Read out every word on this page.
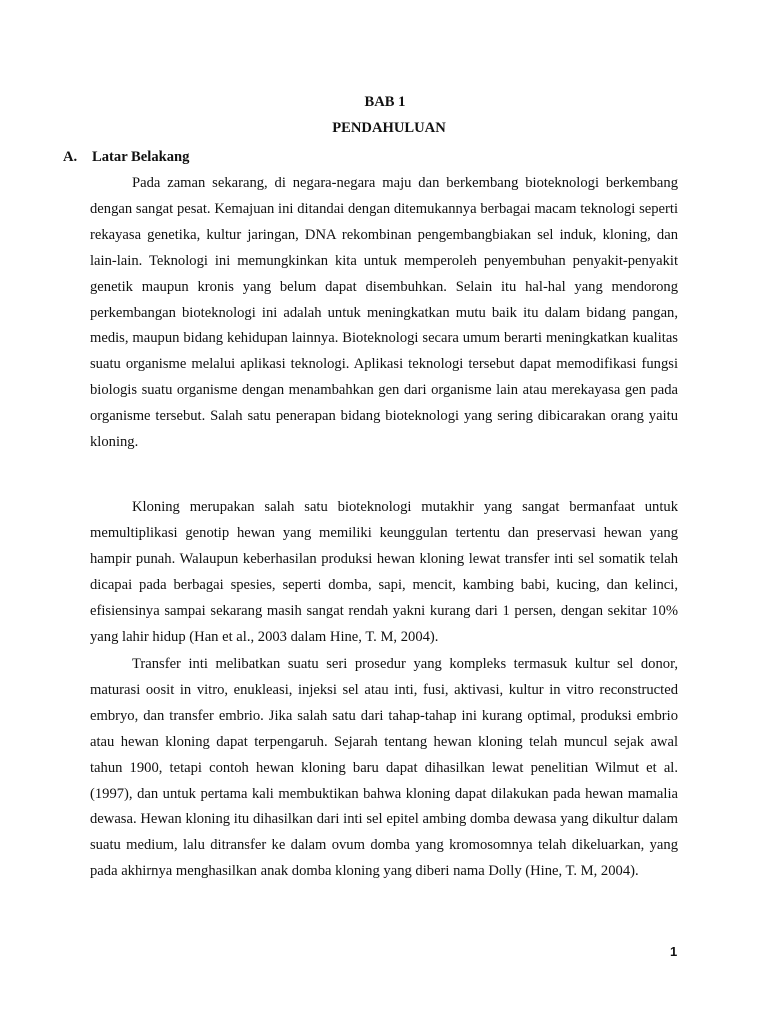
BAB 1
PENDAHULUAN
A. Latar Belakang

Pada zaman sekarang, di negara-negara maju dan berkembang bioteknologi berkembang dengan sangat pesat. Kemajuan ini ditandai dengan ditemukannya berbagai macam teknologi seperti rekayasa genetika, kultur jaringan, DNA rekombinan pengembangbiakan sel induk, kloning, dan lain-lain. Teknologi ini memungkinkan kita untuk memperoleh penyembuhan penyakit-penyakit genetik maupun kronis yang belum dapat disembuhkan. Selain itu hal-hal yang mendorong perkembangan bioteknologi ini adalah untuk meningkatkan mutu baik itu dalam bidang pangan, medis, maupun bidang kehidupan lainnya. Bioteknologi secara umum berarti meningkatkan kualitas suatu organisme melalui aplikasi teknologi. Aplikasi teknologi tersebut dapat memodifikasi fungsi biologis suatu organisme dengan menambahkan gen dari organisme lain atau merekayasa gen pada organisme tersebut. Salah satu penerapan bidang bioteknologi yang sering dibicarakan orang yaitu kloning.

Kloning merupakan salah satu bioteknologi mutakhir yang sangat bermanfaat untuk memultiplikasi genotip hewan yang memiliki keunggulan tertentu dan preservasi hewan yang hampir punah. Walaupun keberhasilan produksi hewan kloning lewat transfer inti sel somatik telah dicapai pada berbagai spesies, seperti domba, sapi, mencit, kambing babi, kucing, dan kelinci, efisiensinya sampai sekarang masih sangat rendah yakni kurang dari 1 persen, dengan sekitar 10% yang lahir hidup (Han et al., 2003 dalam Hine, T. M, 2004).

Transfer inti melibatkan suatu seri prosedur yang kompleks termasuk kultur sel donor, maturasi oosit in vitro, enukleasi, injeksi sel atau inti, fusi, aktivasi, kultur in vitro reconstructed embryo, dan transfer embrio. Jika salah satu dari tahap-tahap ini kurang optimal, produksi embrio atau hewan kloning dapat terpengaruh. Sejarah tentang hewan kloning telah muncul sejak awal tahun 1900, tetapi contoh hewan kloning baru dapat dihasilkan lewat penelitian Wilmut et al. (1997), dan untuk pertama kali membuktikan bahwa kloning dapat dilakukan pada hewan mamalia dewasa. Hewan kloning itu dihasilkan dari inti sel epitel ambing domba dewasa yang dikultur dalam suatu medium, lalu ditransfer ke dalam ovum domba yang kromosomnya telah dikeluarkan, yang pada akhirnya menghasilkan anak domba kloning yang diberi nama Dolly (Hine, T. M, 2004).

1
